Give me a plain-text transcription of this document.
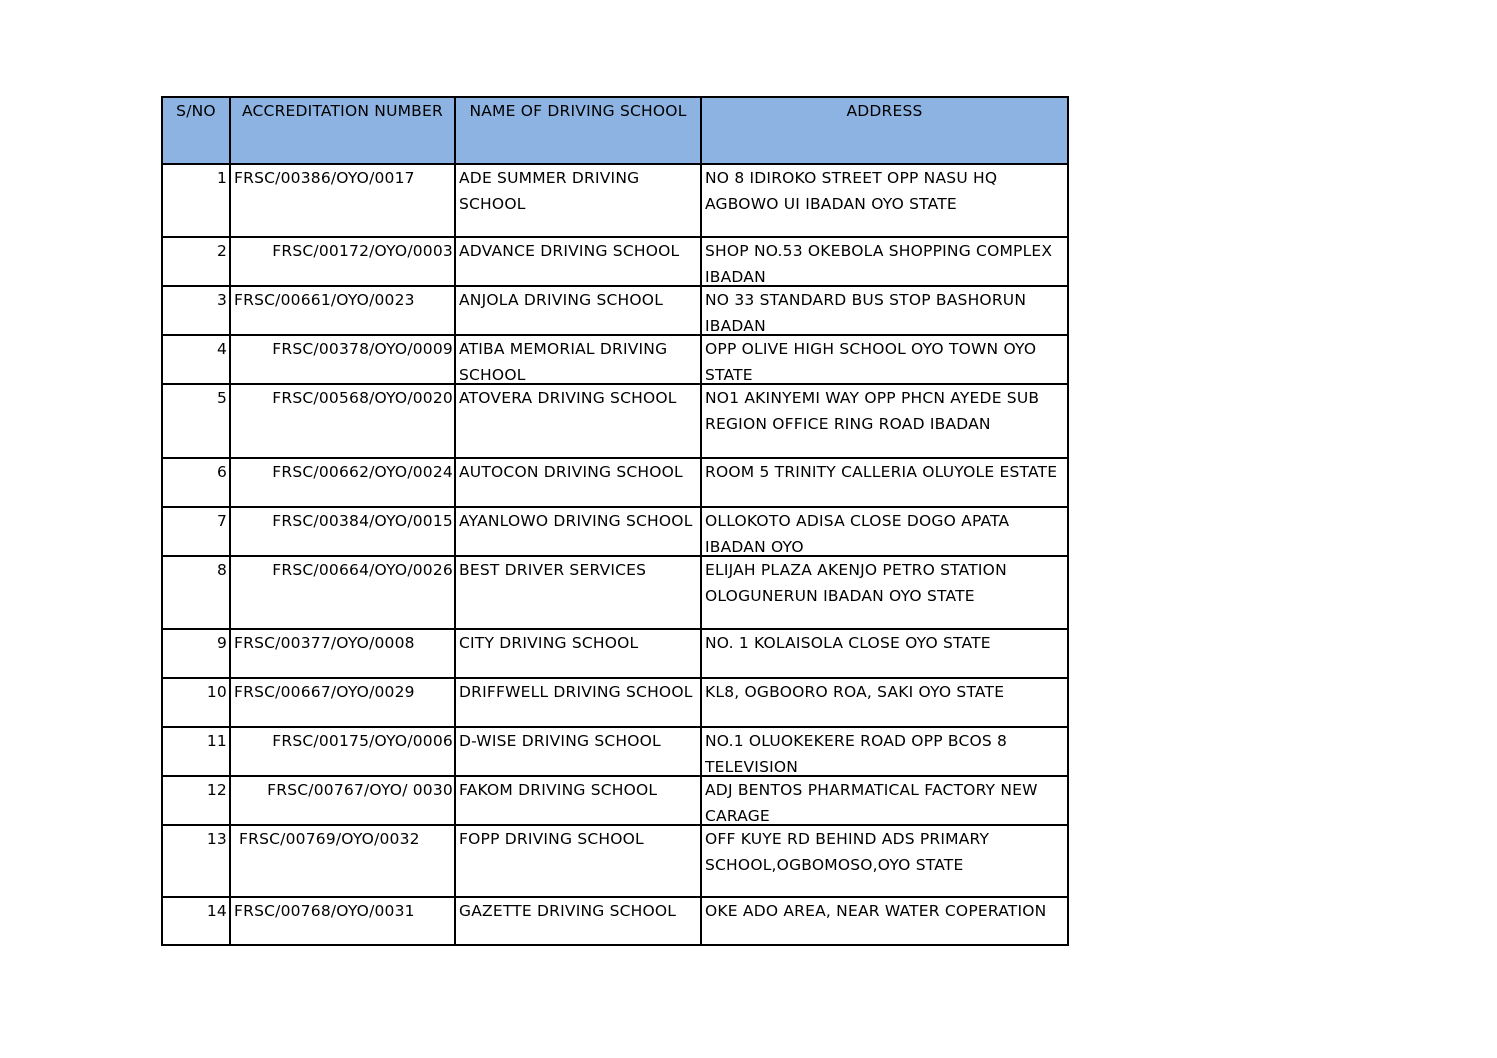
S/NO	ACCREDITATION NUMBER	NAME OF DRIVING SCHOOL	ADDRESS
1	FRSC/00386/OYO/0017	ADE SUMMER DRIVING SCHOOL	NO 8 IDIROKO STREET OPP NASU HQ AGBOWO UI IBADAN OYO STATE
2	FRSC/00172/OYO/0003	ADVANCE DRIVING SCHOOL	SHOP NO.53 OKEBOLA SHOPPING COMPLEX IBADAN

3	FRSC/00661/OYO/0023	ANJOLA DRIVING SCHOOL	NO 33 STANDARD BUS STOP BASHORUN IBADAN

4	FRSC/00378/OYO/0009	ATIBA MEMORIAL DRIVING SCHOOL	OPP OLIVE HIGH SCHOOL OYO TOWN OYO STATE

5	FRSC/00568/OYO/0020	ATOVERA DRIVING SCHOOL	NO1 AKINYEMI WAY OPP PHCN AYEDE SUB REGION OFFICE RING ROAD IBADAN
6	FRSC/00662/OYO/0024	AUTOCON DRIVING SCHOOL	ROOM 5 TRINITY CALLERIA OLUYOLE ESTATE

7	FRSC/00384/OYO/0015	AYANLOWO DRIVING SCHOOL	OLLOKOTO ADISA CLOSE DOGO APATA IBADAN OYO

8	FRSC/00664/OYO/0026	BEST DRIVER SERVICES	ELIJAH PLAZA AKENJO PETRO STATION OLOGUNERUN IBADAN OYO STATE
9	FRSC/00377/OYO/0008	CITY DRIVING SCHOOL	NO. 1 KOLAISOLA CLOSE OYO STATE
10	FRSC/00667/OYO/0029	DRIFFWELL DRIVING SCHOOL	KL8, OGBOORO ROA, SAKI OYO STATE
11	FRSC/00175/OYO/0006	D-WISE DRIVING SCHOOL	NO.1 OLUOKEKERE ROAD OPP BCOS 8 TELEVISION

12	FRSC/00767/OYO/ 0030	FAKOM DRIVING SCHOOL	ADJ BENTOS PHARMATICAL FACTORY NEW CARAGE

13	FRSC/00769/OYO/0032	FOPP DRIVING SCHOOL	OFF KUYE RD BEHIND ADS PRIMARY SCHOOL,OGBOMOSO,OYO STATE
14	FRSC/00768/OYO/0031	GAZETTE DRIVING SCHOOL	OKE ADO AREA, NEAR WATER COPERATION
